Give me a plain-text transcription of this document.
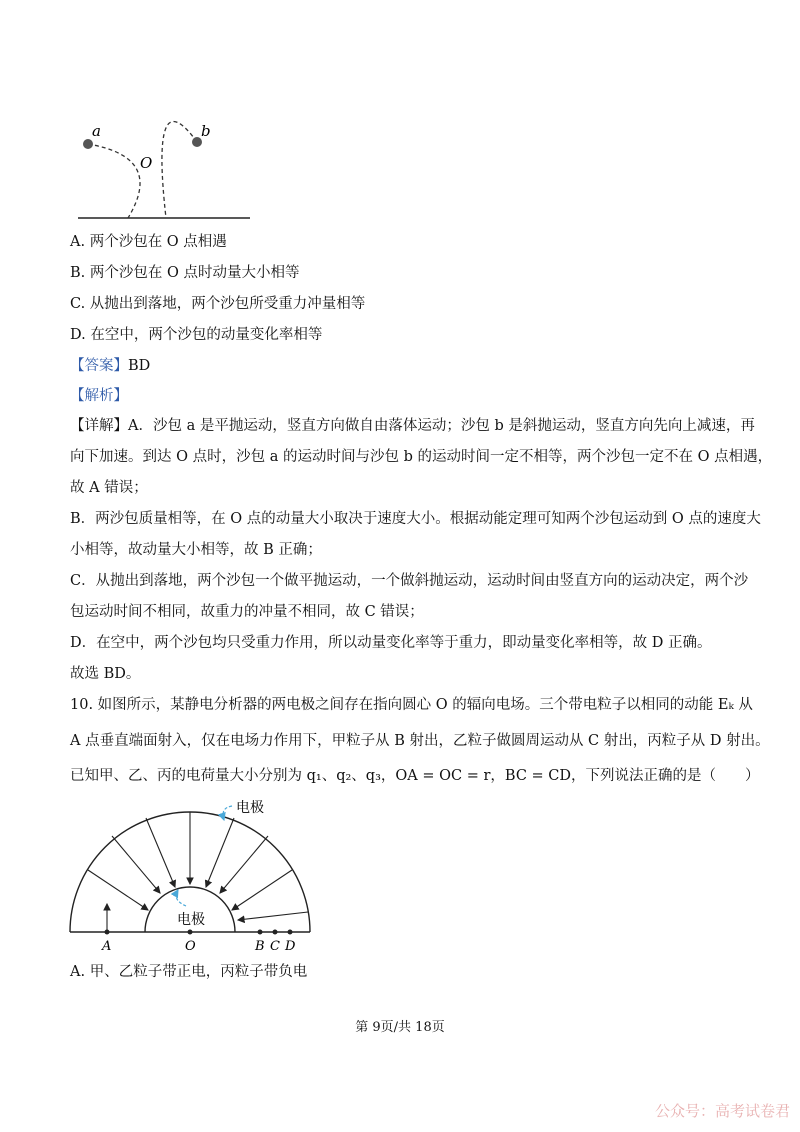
a	b
O
A. 两个沙包在 O 点相遇
B. 两个沙包在 O 点时动量大小相等
C. 从抛出到落地，两个沙包所受重力冲量相等
D. 在空中，两个沙包的动量变化率相等
【答案】BD
【解析】
【详解】A．沙包 a 是平抛运动，竖直方向做自由落体运动；沙包 b 是斜抛运动，竖直方向先向上减速，再
向下加速。到达 O 点时，沙包 a 的运动时间与沙包 b 的运动时间一定不相等，两个沙包一定不在 O 点相遇，
故 A 错误；
B．两沙包质量相等，在 O 点的动量大小取决于速度大小。根据动能定理可知两个沙包运动到 O 点的速度大
小相等，故动量大小相等，故 B 正确；
C．从抛出到落地，两个沙包一个做平抛运动，一个做斜抛运动，运动时间由竖直方向的运动决定，两个沙
包运动时间不相同，故重力的冲量不相同，故 C 错误；
D．在空中，两个沙包均只受重力作用，所以动量变化率等于重力，即动量变化率相等，故 D 正确。
故选 BD。
10. 如图所示，某静电分析器的两电极之间存在指向圆心 O 的辐向电场。三个带电粒子以相同的动能 Eₖ 从
A 点垂直端面射入，仅在电场力作用下，甲粒子从 B 射出，乙粒子做圆周运动从 C 射出，丙粒子从 D 射出。
已知甲、乙、丙的电荷量大小分别为 q₁、q₂、q₃，OA = OC = r，BC = CD，下列说法正确的是（　　）
电极
电极
A	O	B C D
A. 甲、乙粒子带正电，丙粒子带负电
第 9页/共 18页
公众号：高考试卷君
